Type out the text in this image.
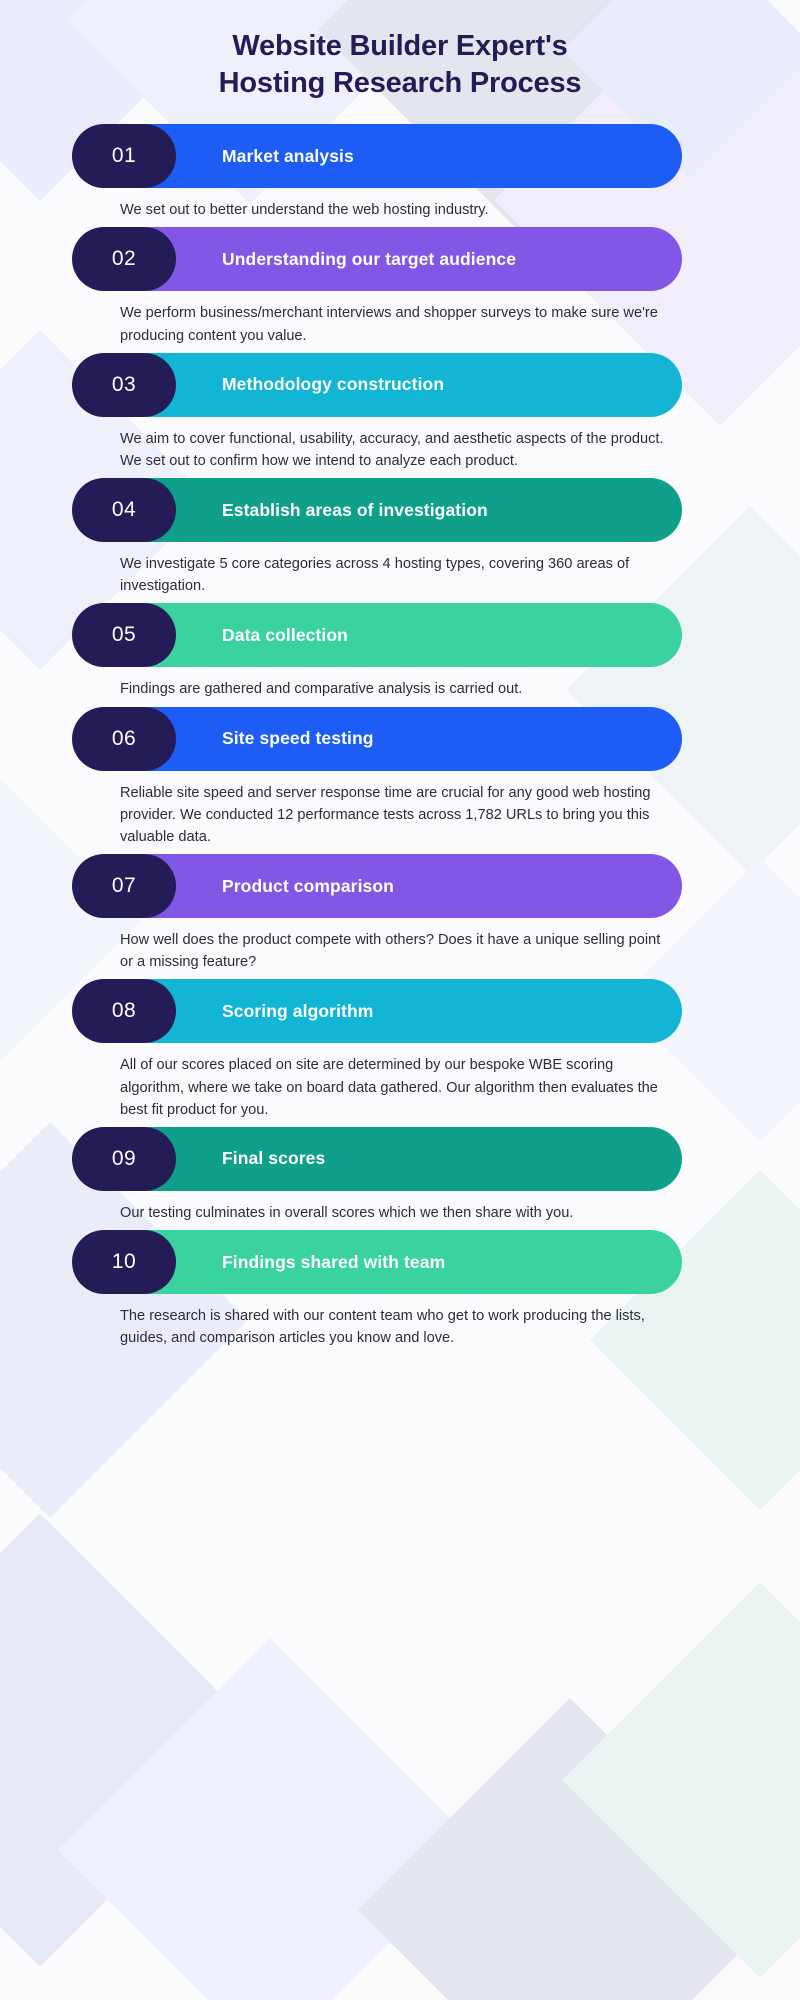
Website Builder Expert's
Hosting Research Process
Market analysis
01

We set out to better understand the web hosting industry.

Understanding our target audience
02

We perform business/merchant interviews and shopper surveys to make sure we're producing content you value.

Methodology construction
03

We aim to cover functional, usability, accuracy, and aesthetic aspects of the product. We set out to confirm how we intend to analyze each product.

Establish areas of investigation
04

We investigate 5 core categories across 4 hosting types, covering 360 areas of investigation.

Data collection
05

Findings are gathered and comparative analysis is carried out.

Site speed testing
06

Reliable site speed and server response time are crucial for any good web hosting provider. We conducted 12 performance tests across 1,782 URLs to bring you this valuable data.

Product comparison
07

How well does the product compete with others? Does it have a unique selling point or a missing feature?

Scoring algorithm
08

All of our scores placed on site are determined by our bespoke WBE scoring algorithm, where we take on board data gathered. Our algorithm then evaluates the best fit product for you.

Final scores
09

Our testing culminates in overall scores which we then share with you.

Findings shared with team
10

The research is shared with our content team who get to work producing the lists, guides, and comparison articles you know and love.
